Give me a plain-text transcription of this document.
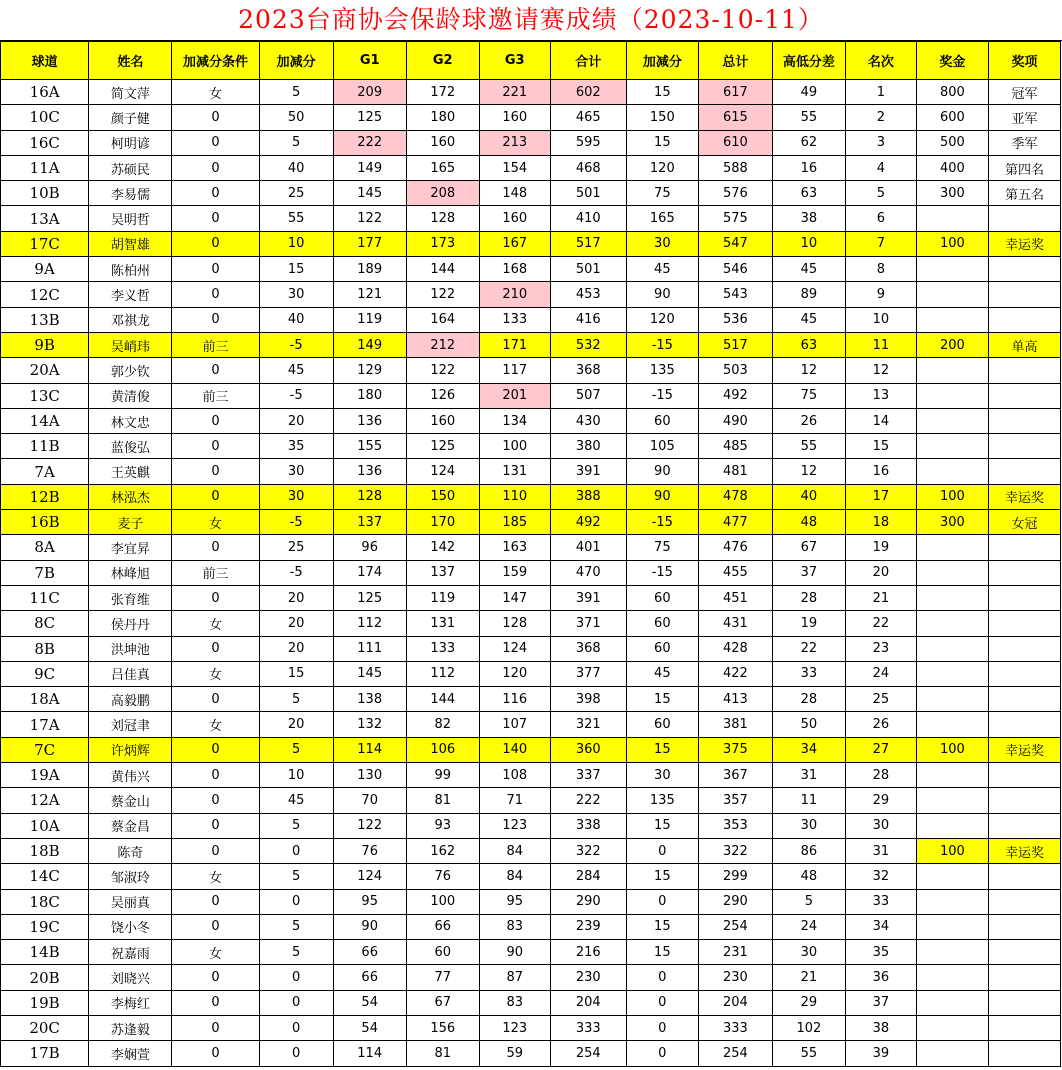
2023台商协会保龄球邀请赛成绩（2023-10-11）
球道	姓名	加减分条件	加减分	G1	G2	G3	合计	加减分	总计	高低分差	名次	奖金	奖项
16A	简文萍	女	5	209	172	221	602	15	617	49	1	800	冠军
10C	颜子健	0	50	125	180	160	465	150	615	55	2	600	亚军
16C	柯明谚	0	5	222	160	213	595	15	610	62	3	500	季军
11A	苏硕民	0	40	149	165	154	468	120	588	16	4	400	第四名
10B	李易儒	0	25	145	208	148	501	75	576	63	5	300	第五名
13A	吴明哲	0	55	122	128	160	410	165	575	38	6		
17C	胡智雄	0	10	177	173	167	517	30	547	10	7	100	幸运奖
9A	陈柏州	0	15	189	144	168	501	45	546	45	8		
12C	李义哲	0	30	121	122	210	453	90	543	89	9		
13B	邓祺龙	0	40	119	164	133	416	120	536	45	10		
9B	吴峭玮	前三	-5	149	212	171	532	-15	517	63	11	200	单高
20A	郭少钦	0	45	129	122	117	368	135	503	12	12		
13C	黄清俊	前三	-5	180	126	201	507	-15	492	75	13		
14A	林文忠	0	20	136	160	134	430	60	490	26	14		
11B	蓝俊弘	0	35	155	125	100	380	105	485	55	15		
7A	王英麒	0	30	136	124	131	391	90	481	12	16		
12B	林泓杰	0	30	128	150	110	388	90	478	40	17	100	幸运奖
16B	麦子	女	-5	137	170	185	492	-15	477	48	18	300	女冠
8A	李宜昇	0	25	96	142	163	401	75	476	67	19		
7B	林峰旭	前三	-5	174	137	159	470	-15	455	37	20		
11C	张育维	0	20	125	119	147	391	60	451	28	21		
8C	侯丹丹	女	20	112	131	128	371	60	431	19	22		
8B	洪坤池	0	20	111	133	124	368	60	428	22	23		
9C	吕佳真	女	15	145	112	120	377	45	422	33	24		
18A	高毅鹏	0	5	138	144	116	398	15	413	28	25		
17A	刘冠聿	女	20	132	82	107	321	60	381	50	26		
7C	许炳辉	0	5	114	106	140	360	15	375	34	27	100	幸运奖
19A	黄伟兴	0	10	130	99	108	337	30	367	31	28		
12A	蔡金山	0	45	70	81	71	222	135	357	11	29		
10A	蔡金昌	0	5	122	93	123	338	15	353	30	30		
18B	陈奇	0	0	76	162	84	322	0	322	86	31	100	幸运奖
14C	邹淑玲	女	5	124	76	84	284	15	299	48	32		
18C	吴丽真	0	0	95	100	95	290	0	290	5	33		
19C	饶小冬	0	5	90	66	83	239	15	254	24	34		
14B	祝嘉雨	女	5	66	60	90	216	15	231	30	35		
20B	刘晓兴	0	0	66	77	87	230	0	230	21	36		
19B	李梅红	0	0	54	67	83	204	0	204	29	37		
20C	苏逢毅	0	0	54	156	123	333	0	333	102	38		
17B	李娴萱	0	0	114	81	59	254	0	254	55	39		
